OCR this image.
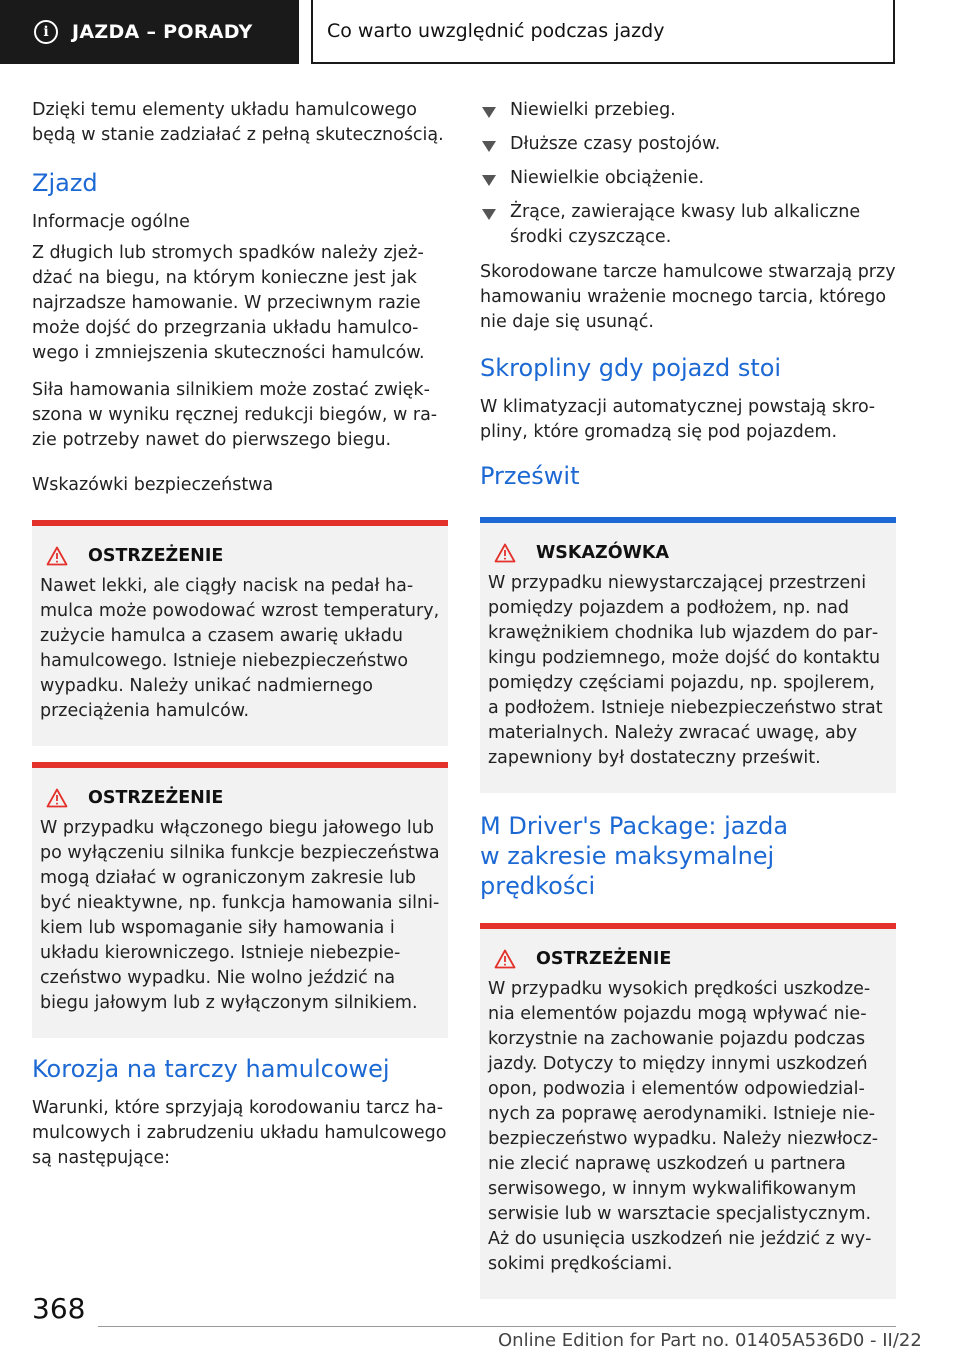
i	JAZDA – PORADY	Co warto uwzględnić podczas jazdy

Dzięki temu elementy układu hamulcowego będą w stanie zadziałać z pełną skutecznością.

Zjazd
Informacje ogólne

Z długich lub stromych spadków należy zjeżdżać na biegu, na którym konieczne jest jak najrzadsze hamowanie. W przeciwnym razie może dojść do przegrzania układu hamulcowego i zmniejszenia skuteczności hamulców.

Siła hamowania silnikiem może zostać zwiększona w wyniku ręcznej redukcji biegów, w razie potrzeby nawet do pierwszego biegu.

Wskazówki bezpieczeństwa
OSTRZEŻENIE

Nawet lekki, ale ciągły nacisk na pedał hamulca może powodować wzrost temperatury, zużycie hamulca a czasem awarię układu hamulcowego. Istnieje niebezpieczeństwo wypadku. Należy unikać nadmiernego przeciążenia hamulców.

OSTRZEŻENIE

W przypadku włączonego biegu jałowego lub po wyłączeniu silnika funkcje bezpieczeństwa mogą działać w ograniczonym zakresie lub być nieaktywne, np. funkcja hamowania silnikiem lub wspomaganie siły hamowania i układu kierowniczego. Istnieje niebezpieczeństwo wypadku. Nie wolno jeździć na biegu jałowym lub z wyłączonym silnikiem.

Korozja na tarczy hamulcowej

Warunki, które sprzyjają korodowaniu tarcz hamulcowych i zabrudzeniu układu hamulcowego są następujące:

Niewielki przebieg.
Dłuższe czasy postojów.
Niewielkie obciążenie.
Żrące, zawierające kwasy lub alkaliczne środki czyszczące.

Skorodowane tarcze hamulcowe stwarzają przy hamowaniu wrażenie mocnego tarcia, którego nie daje się usunąć.

Skropliny gdy pojazd stoi

W klimatyzacji automatycznej powstają skropliny, które gromadzą się pod pojazdem.

Prześwit
WSKAZÓWKA

W przypadku niewystarczającej przestrzeni pomiędzy pojazdem a podłożem, np. nad krawężnikiem chodnika lub wjazdem do parkingu podziemnego, może dojść do kontaktu pomiędzy częściami pojazdu, np. spojlerem, a podłożem. Istnieje niebezpieczeństwo strat materialnych. Należy zwracać uwagę, aby zapewniony był dostateczny prześwit.

M Driver's Package: jazda
w zakresie maksymalnej prędkości
OSTRZEŻENIE

W przypadku wysokich prędkości uszkodzenia elementów pojazdu mogą wpływać niekorzystnie na zachowanie pojazdu podczas jazdy. Dotyczy to między innymi uszkodzeń opon, podwozia i elementów odpowiedzialnych za poprawę aerodynamiki. Istnieje niebezpieczeństwo wypadku. Należy niezwłocznie zlecić naprawę uszkodzeń u partnera serwisowego, w innym wykwalifikowanym serwisie lub w warsztacie specjalistycznym. Aż do usunięcia uszkodzeń nie jeździć z wysokimi prędkościami.

368
Online Edition for Part no. 01405A536D0 - II/22
